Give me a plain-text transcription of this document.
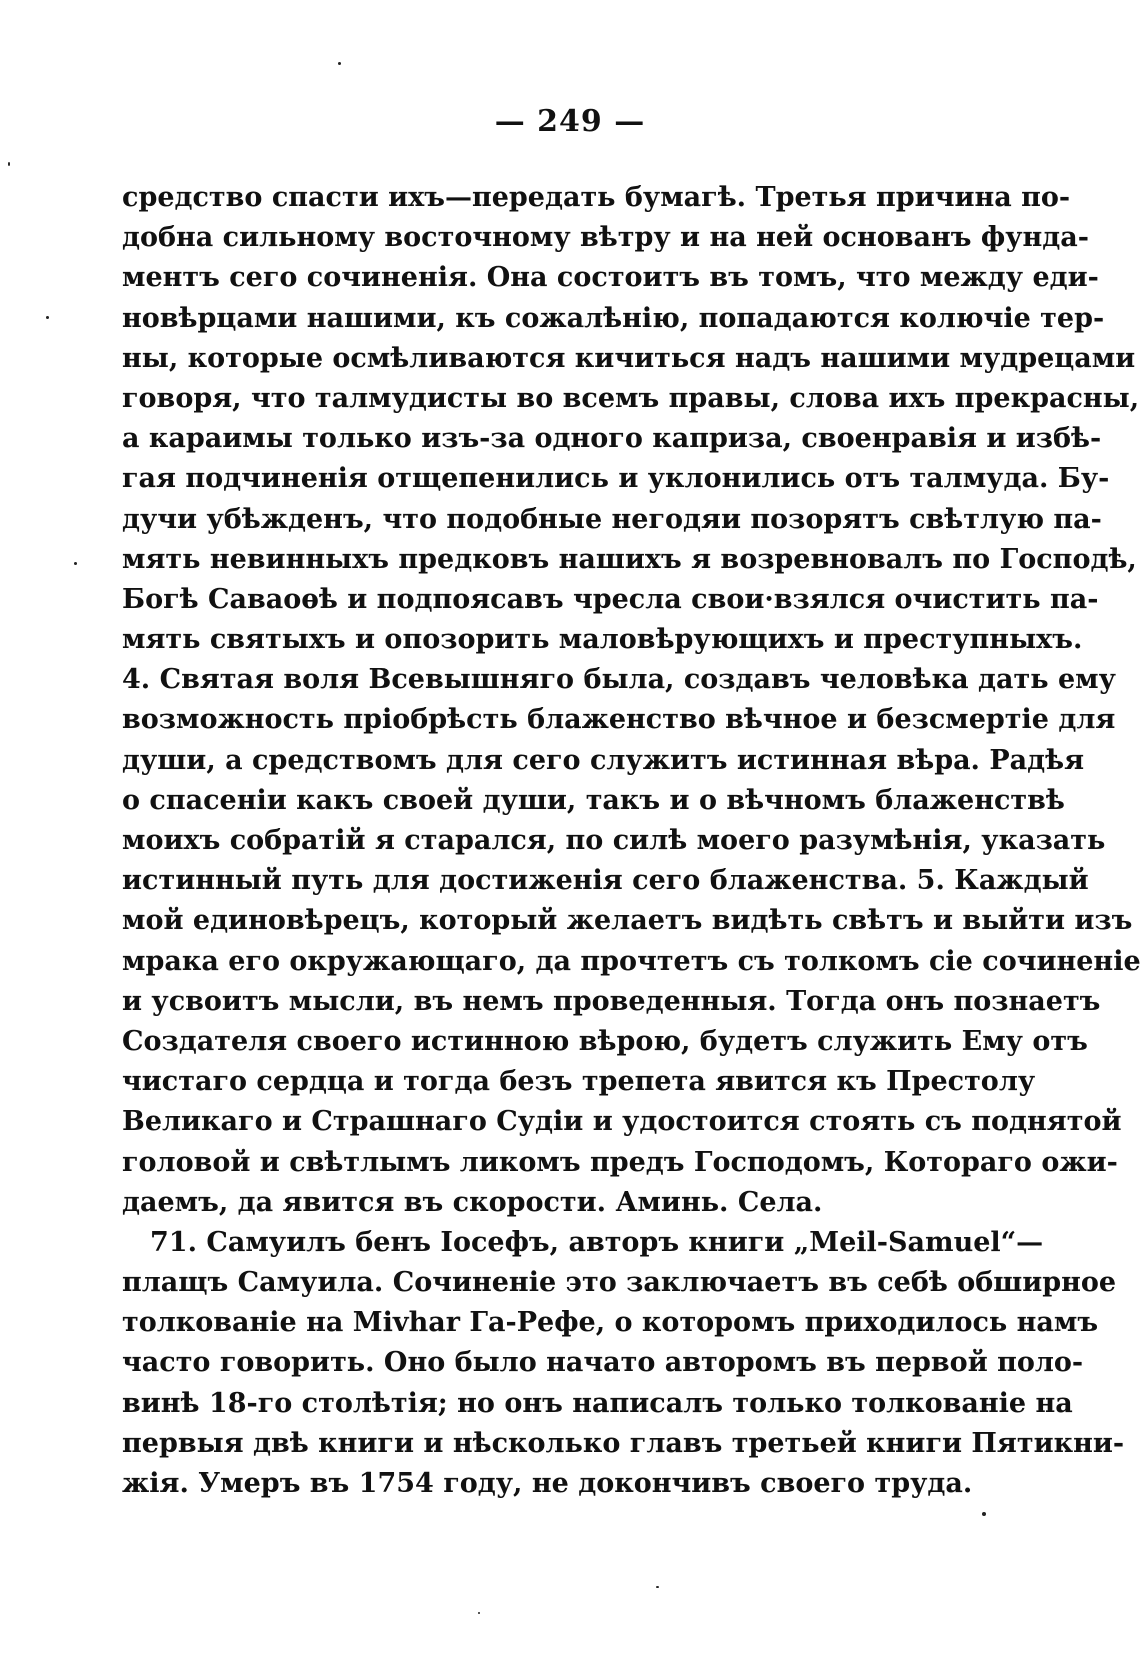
— 249 —
средство спасти ихъ—передать бумагѣ. Третья причина по-
добна сильному восточному вѣтру и на ней основанъ фунда-
ментъ сего сочиненія. Она состоитъ въ томъ, что между еди-
новѣрцами нашими, къ сожалѣнію, попадаются колючіе тер-
ны, которые осмѣливаются кичиться надъ нашими мудрецами
говоря, что талмудисты во всемъ правы, слова ихъ прекрасны,
а караимы только изъ-за одного каприза, своенравія и избѣ-
гая подчиненія отщепенились и уклонились отъ талмуда. Бу-
дучи убѣжденъ, что подобные негодяи позорятъ свѣтлую па-
мять невинныхъ предковъ нашихъ я возревновалъ по Господѣ,
Богѣ Саваоѳѣ и подпоясавъ чресла свои·взялся очистить па-
мять святыхъ и опозорить маловѣрующихъ и преступныхъ.
4. Святая воля Всевышняго была, создавъ человѣка дать ему
возможность пріобрѣсть блаженство вѣчное и безсмертіе для
души, а средствомъ для сего служитъ истинная вѣра. Радѣя
о спасеніи какъ своей души, такъ и о вѣчномъ блаженствѣ
моихъ собратій я старался, по силѣ моего разумѣнія, указать
истинный путь для достиженія сего блаженства. 5. Каждый
мой единовѣрецъ, который желаетъ видѣть свѣтъ и выйти изъ
мрака его окружающаго, да прочтетъ съ толкомъ сіе сочиненіе
и усвоитъ мысли, въ немъ проведенныя. Тогда онъ познаетъ
Создателя своего истинною вѣрою, будетъ служить Ему отъ
чистаго сердца и тогда безъ трепета явится къ Престолу
Великаго и Страшнаго Судіи и удостоится стоять съ поднятой
головой и свѣтлымъ ликомъ предъ Господомъ, Котораго ожи-
даемъ, да явится въ скорости. Аминь. Села.
71. Самуилъ бенъ Іосефъ, авторъ книги „Meil-Samuel“—
плащъ Самуила. Сочиненіе это заключаетъ въ себѣ обширное
толкованіе на Mivhar Га-Рефе, о которомъ приходилось намъ
часто говорить. Оно было начато авторомъ въ первой поло-
винѣ 18-го столѣтія; но онъ написалъ только толкованіе на
первыя двѣ книги и нѣсколько главъ третьей книги Пятикни-
жія. Умеръ въ 1754 году, не докончивъ своего труда.
